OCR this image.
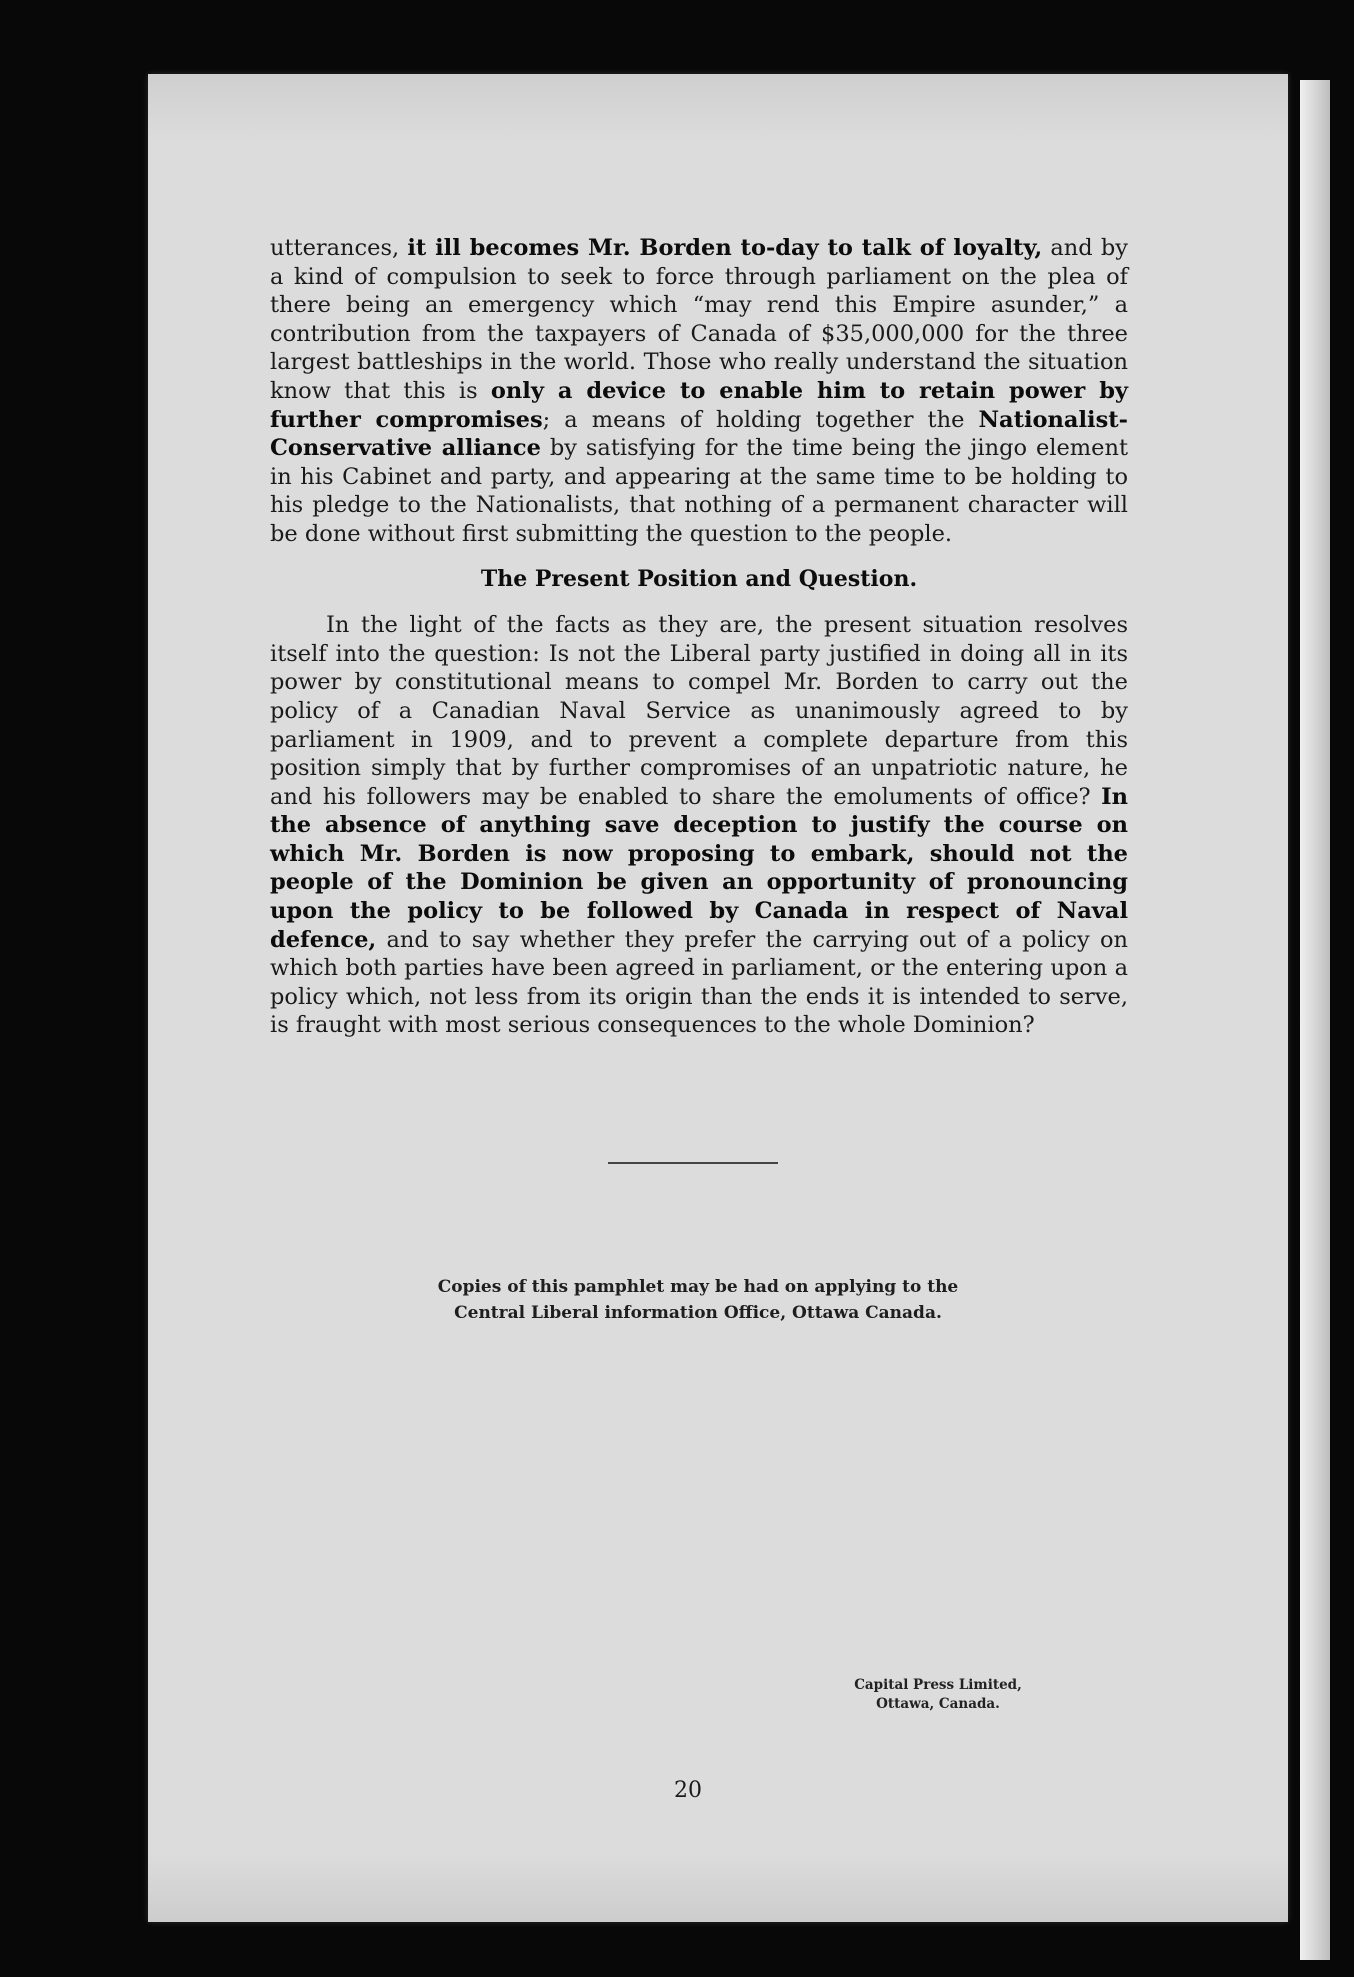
utterances, it ill becomes Mr. Borden to-day to talk of loyalty, and by a kind of compulsion to seek to force through parliament on the plea of there being an emergency which “may rend this Empire asunder,” a contribution from the taxpayers of Canada of $35,000,000 for the three largest battleships in the world. Those who really understand the situation know that this is only a device to enable him to retain power by further compromises; a means of holding together the Nationalist-Conservative alliance by satisfying for the time being the jingo element in his Cabinet and party, and appearing at the same time to be holding to his pledge to the Nationalists, that nothing of a permanent character will be done without first submitting the question to the people.

The Present Position and Question.

In the light of the facts as they are, the present situation resolves itself into the question: Is not the Liberal party justified in doing all in its power by constitutional means to compel Mr. Borden to carry out the policy of a Canadian Naval Service as unanimously agreed to by parliament in 1909, and to prevent a complete departure from this position simply that by further compromises of an unpatriotic nature, he and his followers may be enabled to share the emoluments of office? In the absence of anything save deception to justify the course on which Mr. Borden is now proposing to embark, should not the people of the Dominion be given an opportunity of pronouncing upon the policy to be followed by Canada in respect of Naval defence, and to say whether they prefer the carrying out of a policy on which both parties have been agreed in parliament, or the entering upon a policy which, not less from its origin than the ends it is intended to serve, is fraught with most serious consequences to the whole Dominion?

Copies of this pamphlet may be had on applying to the
Central Liberal information Office, Ottawa Canada.
Capital Press Limited,
Ottawa, Canada.
20
